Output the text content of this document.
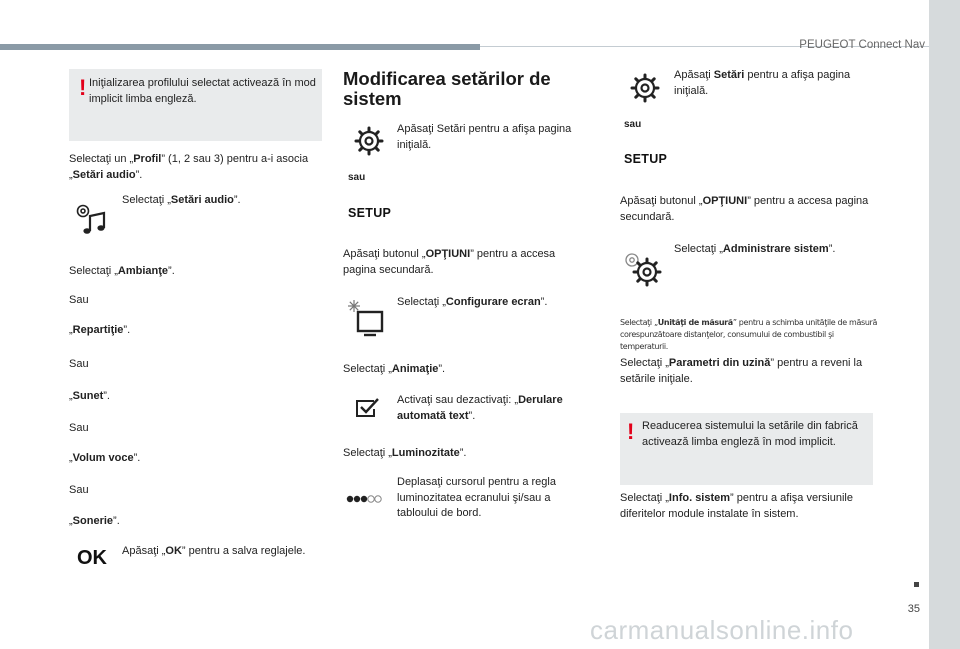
PEUGEOT Connect Nav
! Iniţializarea profilului selectat activează în mod implicit limba engleză.
Selectaţi un „Profil” (1, 2 sau 3) pentru a-i asocia „Setări audio”.
Selectaţi „Setări audio”.
Selectaţi „Ambianţe”.
Sau
„Repartiţie”.
Sau
„Sunet”.
Sau
„Volum voce”.
Sau
„Sonerie”.
OK Apăsaţi „OK” pentru a salva reglajele.
Modificarea setărilor de sistem
Apăsaţi Setări pentru a afişa pagina iniţială.
sau
SETUP
Apăsaţi butonul „OPŢIUNI” pentru a accesa pagina secundară.
Selectaţi „Configurare ecran”.
Selectaţi „Animaţie”.
Activaţi sau dezactivaţi: „Derulare automată text”.
Selectaţi „Luminozitate”.
Deplasaţi cursorul pentru a regla luminozitatea ecranului şi/sau a tabloului de bord.
Apăsaţi Setări pentru a afişa pagina iniţială.
sau
SETUP
Apăsaţi butonul „OPŢIUNI” pentru a accesa pagina secundară.
Selectaţi „Administrare sistem”.
Selectaţi „Unităţi de măsură” pentru a schimba unităţile de măsură corespunzătoare distanţelor, consumului de combustibil şi temperaturii.
Selectaţi „Parametri din uzină” pentru a reveni la setările iniţiale.
! Readucerea sistemului la setările din fabrică activează limba engleză în mod implicit.
Selectaţi „Info. sistem” pentru a afişa versiunile diferitelor module instalate în sistem.
35
carmanualsonline.info
